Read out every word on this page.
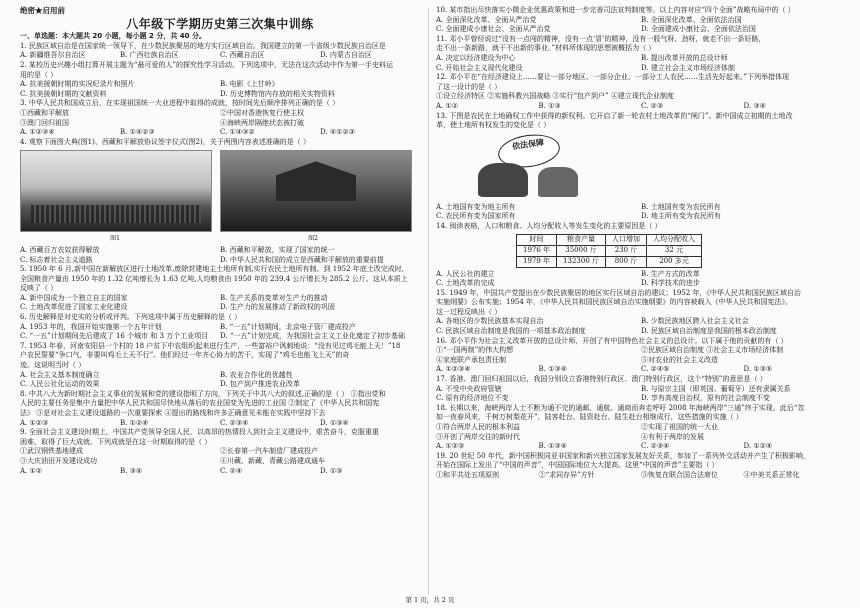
绝密★启用前
八年级下学期历史第三次集中训练
一、单选题：本大题共 20 小题，每小题 2 分，共 40 分。
1. 民族区域自治是在国家统一领导下，在少数民族聚居的地方实行区域自治。我国建立的第一个省级少数民族自治区是
A. 新疆维吾尔自治区	B. 广西壮族自治区	C. 西藏自治区	D. 内蒙古自治区
2. 某校历史兴趣小组打算开展主题为“最可爱的人”的探究性学习活动。下列选项中，无法在这次活动中作为第一手史料运
用的是（ ）
A. 抗美援朝时期的实况纪录片和照片	B. 电影《上甘岭》
C. 抗美援朝时期的文献资料	D. 历史博物馆内存放的相关实物资料
3. 中华人民共和国成立后，在实现祖国统一大业进程中取得的成就，按时间先后顺序排列正确的是（ ）
①西藏和平解放	②中国对香港恢复行使主权
③澳门回归祖国	④海峡两岸隔绝状态被打破
A. ①②③④	B. ①④②③	C. ①④③②	D. ④①②③
4. 观察下面图大典(图1)、西藏和平解放协议签字仪式(图2)，关于两图内容表述准确的是（ ）
图1	图2
A. 西藏百万农奴获得解放	B. 西藏和平解放，实现了国家的统一
C. 标志着社会主义道路	D. 中华人民共和国的成立是西藏和平解放的重要前提
5. 1950 年 6 月,新中国在新解放区进行土地改革,废除封建地主土地所有制,实行农民土地所有制。到 1952 年底土改完成时,
全国粮食产量由 1950 年的 1.32 亿吨增长为 1.63 亿吨,人均粮食由 1950 年的 239.4 公斤增长为 285.2 公斤。这从本质上
反映了（ ）
A. 新中国成为一个独立自主的国家	B. 生产关系的变革对生产力的推动
C. 土地改革促进了国家工业化建设	D. 生产力的发展推动了新政权的巩固
6. 历史解释是对史实的分析或评判。下列选项中属于历史解释的是（ ）
A. 1953 年的，我国开始实施第一个五年计划	B. “一五”计划期间，北京电子管厂建成投产
C. “一五”计划期间先后建成了 16 个城市 和 3 万个工业项目	D. “一五”计划完成，为我国社会主义工业化奠定了初步基础
7. 1953 年春，河南安阳县一个村的 18 户贫下中农组织起来进行生产，一些富裕户讽刺地说：“没有见过鸡毛能上天！”18
户农民誓要“争口气，非要叫鸡毛上天不行”。他们经过一年齐心协力的苦干，实现了“鸡毛也能飞上天”的奇
迹。这说明当时（ ）
A. 社会主义基本制度确立	B. 农业合作化的优越性
C. 人民公社化运动的效果	D. 包产到户推进农业改革
8. 中共八大为新时期社会主义事业的发展和党的建设指明了方向，下列关于中共八大的叙述,正确的是（ ） ①指出党和
人民的主要任务是集中力量把中华人民共和国尽快地从落后的农业国变为先进的工业国 ②制定了《中华人民共和国宪
法》 ③是对社会主义建设道路的一次重要探索 ④提出的路线和许多正确意见未能在实践中坚持下去
A. ①②③	B. ①②④	C. ②③④	D. ①③④
9. 全面社会主义建设时期上，中国共产党领导全国人民，以高昂的热情投入到社会主义建设中，艰苦奋斗，克服重重
困难，取得了巨大成就。下列成就是在这一时期取得的是（ ）
①武汉钢铁基地建成	②长春第一汽车制造厂建成投产
③大庆油田开发建设成功	④川藏、新藏、青藏公路建成通车
A. ①②	B. ③④	C. ②④	D. ①③
10. 某市指出尽快落实小微企业优惠政策和进一步完善司法宣判制度等。以上内容对应“四个全面”战略布局中的（ ）
A. 全面深化改革、全面从严治党	B. 全面深化改革、全面依法治国
C. 全面建成小康社会、全面从严治党	D. 全面建成小康社会、全面依法治国
11. 邓小平曾经说过“没有一点闯的精神，没有一点‘冒’的精神，没有一股气呀、劲呀，就走不出一条好路，
走不出一条新路，就干不出新的事业。”材料所体现的思想被概括为（ ）
A. 决定以经济建设为中心	B. 提出改革开放的总设计师
C. 开始社会主义现代化建设	D. 建立社会主义市场经济体制
12. 邓小平在“在经济建设上……要让一部分地区、一部分企业、一部分工人农民……生活先好起来。”下列举措体现
了这一设计的是（ ）
①设立经济特区 ②实施科教兴国战略 ③实行“包产到户” ④建立现代企业制度
A. ①②	B. ①③	C. ②③	D. ③④
13. 下图是农民在土地确权工作中获得的新权利。它开启了新一轮农村土地改革的“闸门”。新中国成立初期的土地改
革，使土地所有权发生的变化是（ ）
依法保障
A. 土地国有变为地主所有	B. 土地国有变为农民所有
C. 农民所有变为国家所有	D. 地主所有变为农民所有
14. 阅读表格，人口和粮食、人均分配收入等发生变化的主要原因是（ ）
时间	粮食产量	人口增加	人均分配收入
1976 年	35000 斤	230 斤	32 元
1979 年	132300 斤	800 斤	200 多元
A. 人民公社的建立	B. 生产方式的改革
C. 土地改革的完成	D. 科学技术的进步
15. 1949 年，中国共产党提出在少数民族聚居的地区实行区域自治的建议；1952 年，《中华人民共和国民族区域自治
实施纲要》公布实施；1954 年，《中华人民共和国民族区域自治实施纲要》的内容被载入《中华人民共和国宪法》。
这一过程反映出（ ）
A. 各地区的少数民族基本实现自治	B. 少数民族地区跨入社会主义社会
C. 民族区域自治制度是我国的一项基本政治制度	D. 民族区域自治制度是我国的根本政治制度
16. 邓小平作为社会主义改革开放的总设计师，开创了有中国特色社会主义的总设计。以下属于他的贡献的有（ ）
①“一国两制”的伟大构想	②民族区域自治制度 ③社会主义市场经济体制
④家庭联产承包责任制	⑤对农业的社会主义改造
A. ①②③④	B. ①③④	C. ②④⑤	D. ①③⑤
17. 香港、澳门回归祖国以后，我国分别设立香港特别行政区、澳门特别行政区，这个“特别”的意思是（ ）
A. 不受中央政府管辖	B. 与原宗主国（即英国、葡萄牙）还有隶属关系
C. 原有的经济地位不变	D. 享有高度自治权，原有的社会制度不变
18. 长期以来，海峡两岸人士不断为通不完的通邮、通航、通商而奔走呼吁 2008 年海峡两岸“三通”终于实现。此后“忽
如一夜春风来，千树万树梨花开”，陆客赴台、陆资赴台、陆生赴台相继成行，这些措施的实施（ ）
①符合两岸人民的根本利益	②实现了祖国的统一大业
③开创了两岸交往的新时代	④有利于两岸的发展
A. ①②③	B. ①③④	C. ②③④	D. ①②④
19. 20 世纪 50 年代，新中国积极同亚非国家和新兴独立国家发展友好关系，参加了一系列外交活动并产生了积极影响，
开始在国际上发出了“中国的声音”，中国国际地位大大提高。这里“中国的声音”主要指（ ）
①和平共处五项原则	②“求同存异”方针	③恢复在联合国合法席位	④中美关系正常化
第 1 页，共 2 页
